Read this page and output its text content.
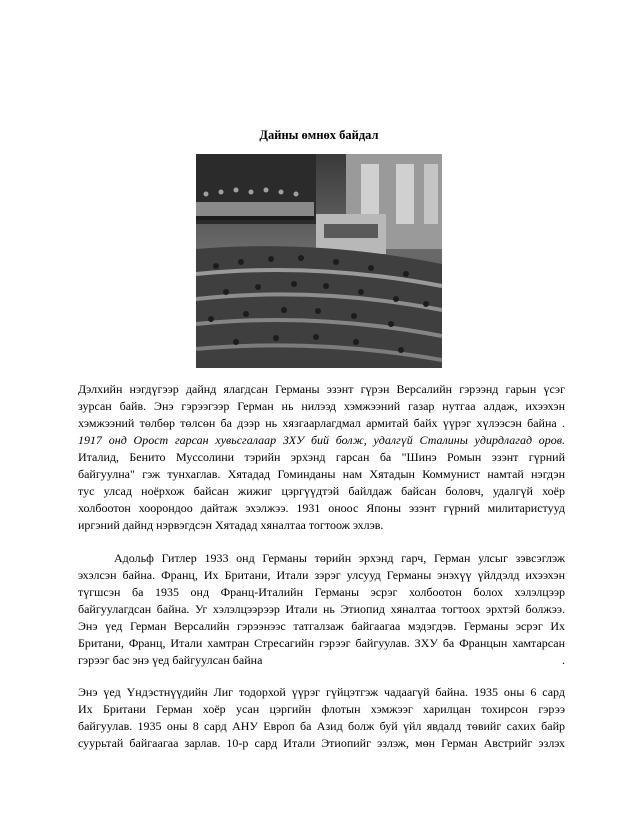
Дайны өмнөх байдал
Дэлхийн нэгдүгээр дайнд ялагдсан Германы эзэнт гүрэн Версалийн гэрээнд гарын үсэг
зурсан байв. Энэ гэрээгээр Герман нь нилээд хэмжээний газар нутгаа алдаж, ихээхэн
хэмжээний төлбөр төлсөн ба дээр нь хязгаарлагдмал армитай байх үүрэг хүлээсэн байна .
1917 онд Орост гарсан хувьсгалаар ЗХУ бий болж, удалгүй Сталины удирдлагад оров.
Италид, Бенито Муссолини тэрийн эрхэнд гарсан ба "Шинэ Ромын эзэнт гүрний
байгуулна" гэж тунхаглав. Хятадад Гоминданы нам Хятадын Коммунист намтай нэгдэн
тус улсад ноёрхож байсан жижиг цэргүүдтэй байлдаж байсан боловч, удалгүй хоёр
холбоотон хоорондоо дайтаж эхэлжээ. 1931 оноос Японы эзэнт гүрний милитаристууд
иргэний дайнд нэрвэгдсэн Хятадад хяналтаа тогтоож эхлэв.
Адольф Гитлер 1933 онд Германы төрийн эрхэнд гарч, Герман улсыг зэвсэглэж
эхэлсэн байна. Франц, Их Британи, Итали зэрэг улсууд Германы энэхүү үйлдэлд ихээхэн
түгшсэн ба 1935 онд Франц-Италийн Германы эсрэг холбоотон болох хэлэлцээр
байгуулагдсан байна. Уг хэлэлцээрээр Итали нь Этиопид хяналтаа тогтоох эрхтэй болжээ.
Энэ үед Герман Версалийн гэрээнээс татгалзаж байгаагаа мэдэгдэв. Германы эсрэг Их
Британи, Франц, Итали хамтран Стресагийн гэрээг байгуулав. ЗХУ ба Францын хамтарсан
гэрээг бас энэ үед байгуулсан байна	.
Энэ үед Үндэстнүүдийн Лиг тодорхой үүрэг гүйцэтгэж чадаагүй байна. 1935 оны 6 сард
Их Британи Герман хоёр усан цэргийн флотын хэмжээг харилцан тохирсон гэрээ
байгуулав. 1935 оны 8 сард АНУ Европ ба Азид болж буй үйл явдалд төвийг сахих байр
суурьтай байгаагаа зарлав. 10-р сард Итали Этиопийг эзлэж, мөн Герман Австрийг эзлэх
